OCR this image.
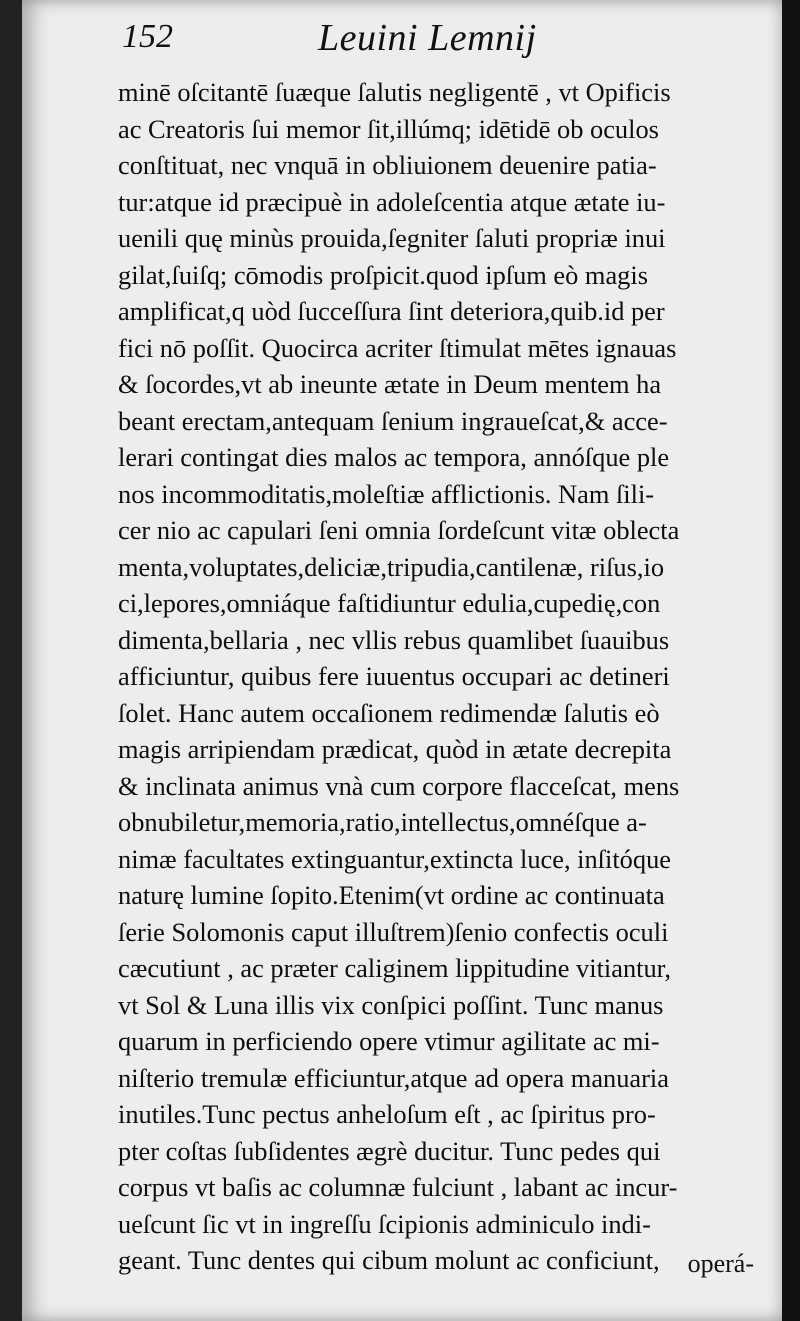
152	Leuini Lemnij
minē oſcitantē ſuæque ſalutis negligentē , vt Opificis
ac Creatoris ſui memor ſit,illúmq; idētidē ob oculos
conſtituat, nec vnquā in obliuionem deuenire patia-
tur:atque id præcipuè in adoleſcentia atque ætate iu-
uenili quę minùs prouida,ſegniter ſaluti propriæ inui
gilat,ſuiſq; cōmodis proſpicit.quod ipſum eò magis
amplificat,q uòd ſucceſſura ſint deteriora,quib.id per
fici nō poſſit. Quocirca acriter ſtimulat mētes ignauas
& ſocordes,vt ab ineunte ætate in Deum mentem ha
beant erectam,antequam ſenium ingraueſcat,& acce-
lerari contingat dies malos ac tempora, annóſque ple
nos incommoditatis,moleſtiæ afflictionis. Nam ſili-
cer nio ac capulari ſeni omnia ſordeſcunt vitæ oblecta
menta,voluptates,deliciæ,tripudia,cantilenæ, riſus,io
ci,lepores,omniáque faſtidiuntur edulia,cupedię,con
dimenta,bellaria , nec vllis rebus quamlibet ſuauibus
afficiuntur, quibus fere iuuentus occupari ac detineri
ſolet. Hanc autem occaſionem redimendæ ſalutis eò
magis arripiendam prædicat, quòd in ætate decrepita
& inclinata animus vnà cum corpore flacceſcat, mens
obnubiletur,memoria,ratio,intellectus,omnéſque a-
nimæ facultates extinguantur,extincta luce, inſitóque
naturę lumine ſopito.Etenim(vt ordine ac continuata
ſerie Solomonis caput illuſtrem)ſenio confectis oculi
cæcutiunt , ac præter caliginem lippitudine vitiantur,
vt Sol & Luna illis vix conſpici poſſint. Tunc manus
quarum in perficiendo opere vtimur agilitate ac mi-
niſterio tremulæ efficiuntur,atque ad opera manuaria
inutiles.Tunc pectus anheloſum eſt , ac ſpiritus pro-
pter coſtas ſubſidentes ægrè ducitur. Tunc pedes qui
corpus vt baſis ac columnæ fulciunt , labant ac incur-
ueſcunt ſic vt in ingreſſu ſcipionis adminiculo indi-
geant. Tunc dentes qui cibum molunt ac conficiunt,	operá-
